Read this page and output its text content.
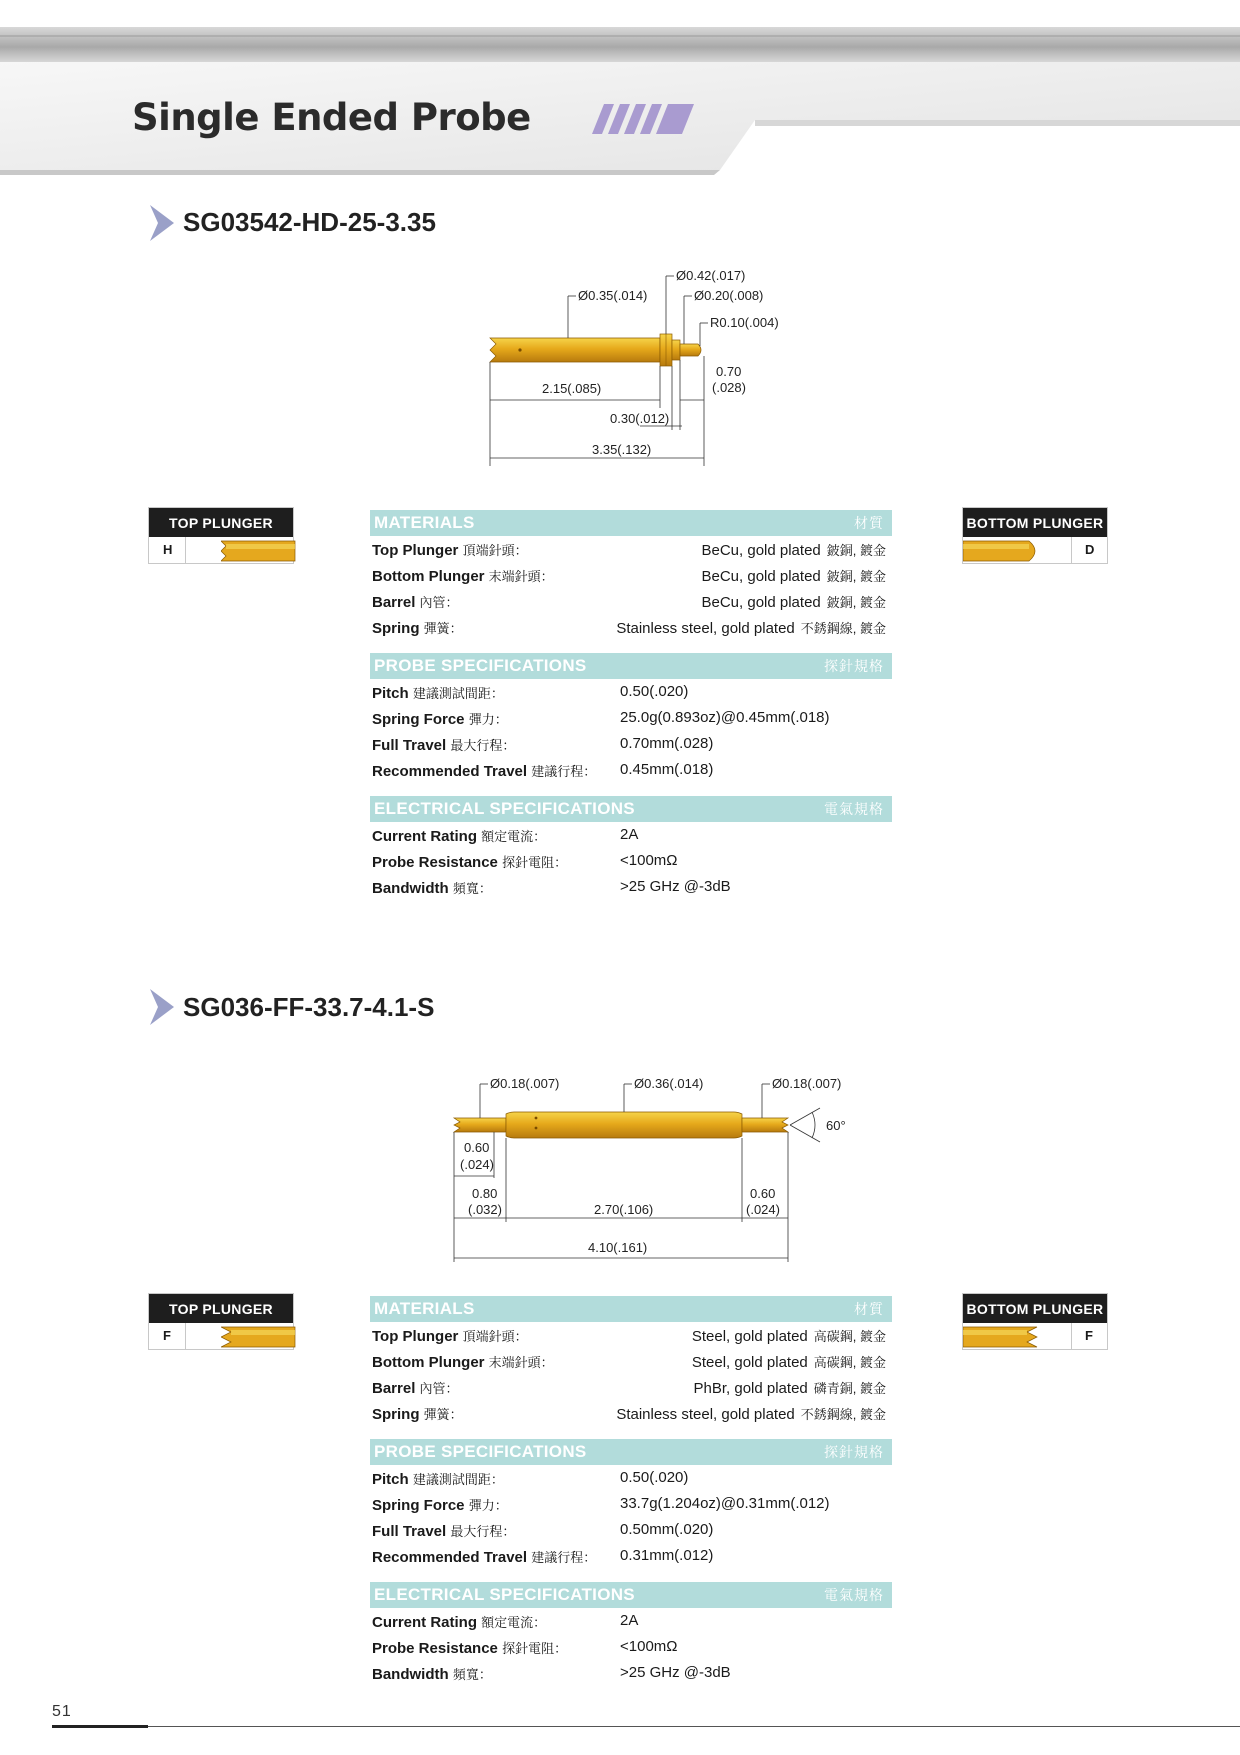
Single Ended Probe
SG03542-HD-25-3.35
Ø0.35(.014)
Ø0.42(.017)
Ø0.20(.008)
R0.10(.004)
2.15(.085)
0.70
(.028)
0.30(.012)
3.35(.132)
TOP PLUNGER
H
BOTTOM PLUNGER
D
MATERIALS	材質
Top Plunger 頂端針頭：	BeCu, gold plated 鈹銅, 鍍金
Bottom Plunger 末端針頭：	BeCu, gold plated 鈹銅, 鍍金
Barrel 內管：	BeCu, gold plated 鈹銅, 鍍金
Spring 彈簧：	Stainless steel, gold plated 不銹鋼線, 鍍金
PROBE SPECIFICATIONS	探針規格
Pitch 建議測試間距：	0.50(.020)
Spring Force 彈力：	25.0g(0.893oz)@0.45mm(.018)
Full Travel 最大行程：	0.70mm(.028)
Recommended Travel 建議行程： 0.45mm(.018)
ELECTRICAL SPECIFICATIONS	電氣規格
Current Rating 額定電流：	2A
Probe Resistance 探針電阻：	<100mΩ
Bandwidth 頻寬：	>25 GHz @-3dB
SG036-FF-33.7-4.1-S
Ø0.18(.007)	Ø0.36(.014)	Ø0.18(.007)
60°
0.60
(.024)
0.80
(.032)	2.70(.106)
0.60
(.024)
4.10(.161)
TOP PLUNGER
F
BOTTOM PLUNGER
F
MATERIALS	材質
Top Plunger 頂端針頭：	Steel, gold plated 高碳鋼, 鍍金
Bottom Plunger 末端針頭：	Steel, gold plated 高碳鋼, 鍍金
Barrel 內管：	PhBr, gold plated 磷青銅, 鍍金
Spring 彈簧：	Stainless steel, gold plated 不銹鋼線, 鍍金
PROBE SPECIFICATIONS	探針規格
Pitch 建議測試間距：	0.50(.020)
Spring Force 彈力：	33.7g(1.204oz)@0.31mm(.012)
Full Travel 最大行程：	0.50mm(.020)
Recommended Travel 建議行程： 0.31mm(.012)
ELECTRICAL SPECIFICATIONS	電氣規格
Current Rating 額定電流：	2A
Probe Resistance 探針電阻：	<100mΩ
Bandwidth 頻寬：	>25 GHz @-3dB
51
